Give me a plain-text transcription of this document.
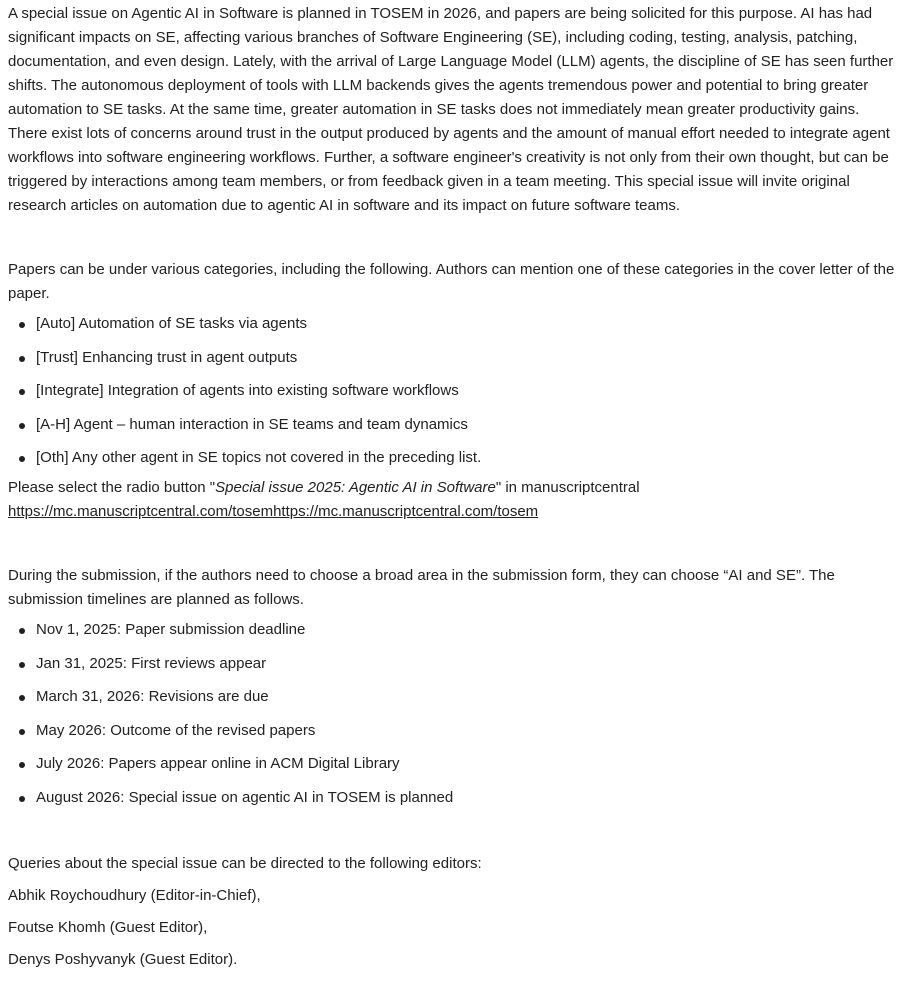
A special issue on Agentic AI in Software is planned in TOSEM in 2026, and papers are being solicited for this purpose. AI has had significant impacts on SE, affecting various branches of Software Engineering (SE), including coding, testing, analysis, patching, documentation, and even design. Lately, with the arrival of Large Language Model (LLM) agents, the discipline of SE has seen further shifts. The autonomous deployment of tools with LLM backends gives the agents tremendous power and potential to bring greater automation to SE tasks. At the same time, greater automation in SE tasks does not immediately mean greater productivity gains. There exist lots of concerns around trust in the output produced by agents and the amount of manual effort needed to integrate agent workflows into software engineering workflows. Further, a software engineer's creativity is not only from their own thought, but can be triggered by interactions among team members, or from feedback given in a team meeting. This special issue will invite original research articles on automation due to agentic AI in software and its impact on future software teams.

Papers can be under various categories, including the following. Authors can mention one of these categories in the cover letter of the paper.

[Auto] Automation of SE tasks via agents
[Trust] Enhancing trust in agent outputs
[Integrate] Integration of agents into existing software workflows
[A-H] Agent – human interaction in SE teams and team dynamics
[Oth] Any other agent in SE topics not covered in the preceding list.

Please select the radio button "Special issue 2025: Agentic AI in Software" in manuscriptcentral

https://mc.manuscriptcentral.com/tosemhttps://mc.manuscriptcentral.com/tosem

During the submission, if the authors need to choose a broad area in the submission form, they can choose “AI and SE”. The submission timelines are planned as follows.

Nov 1, 2025: Paper submission deadline
Jan 31, 2025: First reviews appear
March 31, 2026: Revisions are due
May 2026: Outcome of the revised papers
July 2026: Papers appear online in ACM Digital Library
August 2026: Special issue on agentic AI in TOSEM is planned

Queries about the special issue can be directed to the following editors:

Abhik Roychoudhury (Editor-in-Chief),

Foutse Khomh (Guest Editor),

Denys Poshyvanyk (Guest Editor).
